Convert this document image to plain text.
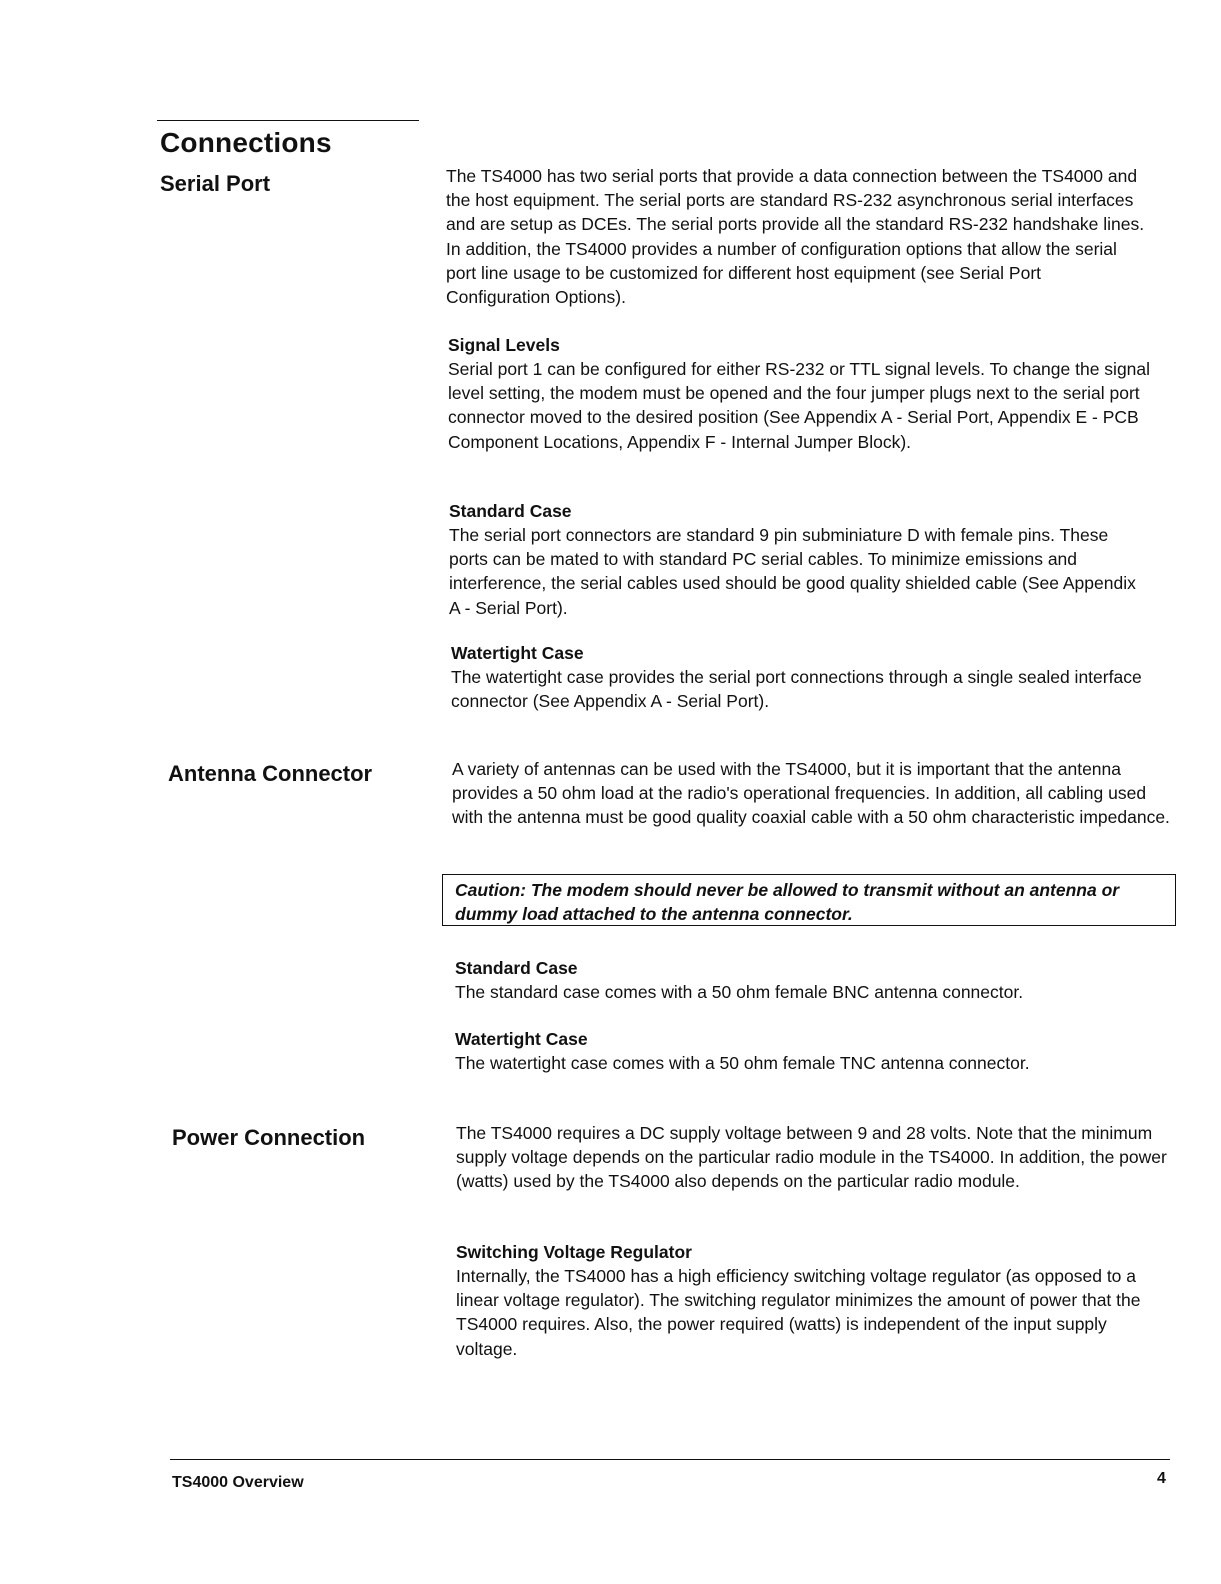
Connections
Serial Port	The TS4000 has two serial ports that provide a data connection between the TS4000 and the host equipment. The serial ports are standard RS-232 asynchronous serial interfaces and are setup as DCEs. The serial ports provide all the standard RS-232 handshake lines. In addition, the TS4000 provides a number of configuration options that allow the serial port line usage to be customized for different host equipment (see Serial Port Configuration Options).

Signal Levels

Serial port 1 can be configured for either RS-232 or TTL signal levels. To change the signal level setting, the modem must be opened and the four jumper plugs next to the serial port connector moved to the desired position (See Appendix A - Serial Port, Appendix E - PCB Component Locations, Appendix F - Internal Jumper Block).

Standard Case

The serial port connectors are standard 9 pin subminiature D with female pins. These ports can be mated to with standard PC serial cables. To minimize emissions and interference, the serial cables used should be good quality shielded cable (See Appendix A - Serial Port).

Watertight Case

The watertight case provides the serial port connections through a single sealed interface connector (See Appendix A - Serial Port).

Antenna Connector	A variety of antennas can be used with the TS4000, but it is important that the antenna provides a 50 ohm load at the radio's operational frequencies. In addition, all cabling used with the antenna must be good quality coaxial cable with a 50 ohm characteristic impedance.

Caution: The modem should never be allowed to transmit without an antenna or dummy load attached to the antenna connector.

Standard Case

The standard case comes with a 50 ohm female BNC antenna connector.

Watertight Case

The watertight case comes with a 50 ohm female TNC antenna connector.

Power Connection	The TS4000 requires a DC supply voltage between 9 and 28 volts. Note that the minimum supply voltage depends on the particular radio module in the TS4000. In addition, the power (watts) used by the TS4000 also depends on the particular radio module.

Switching Voltage Regulator

Internally, the TS4000 has a high efficiency switching voltage regulator (as opposed to a linear voltage regulator). The switching regulator minimizes the amount of power that the TS4000 requires. Also, the power required (watts) is independent of the input supply voltage.

TS4000 Overview	4
